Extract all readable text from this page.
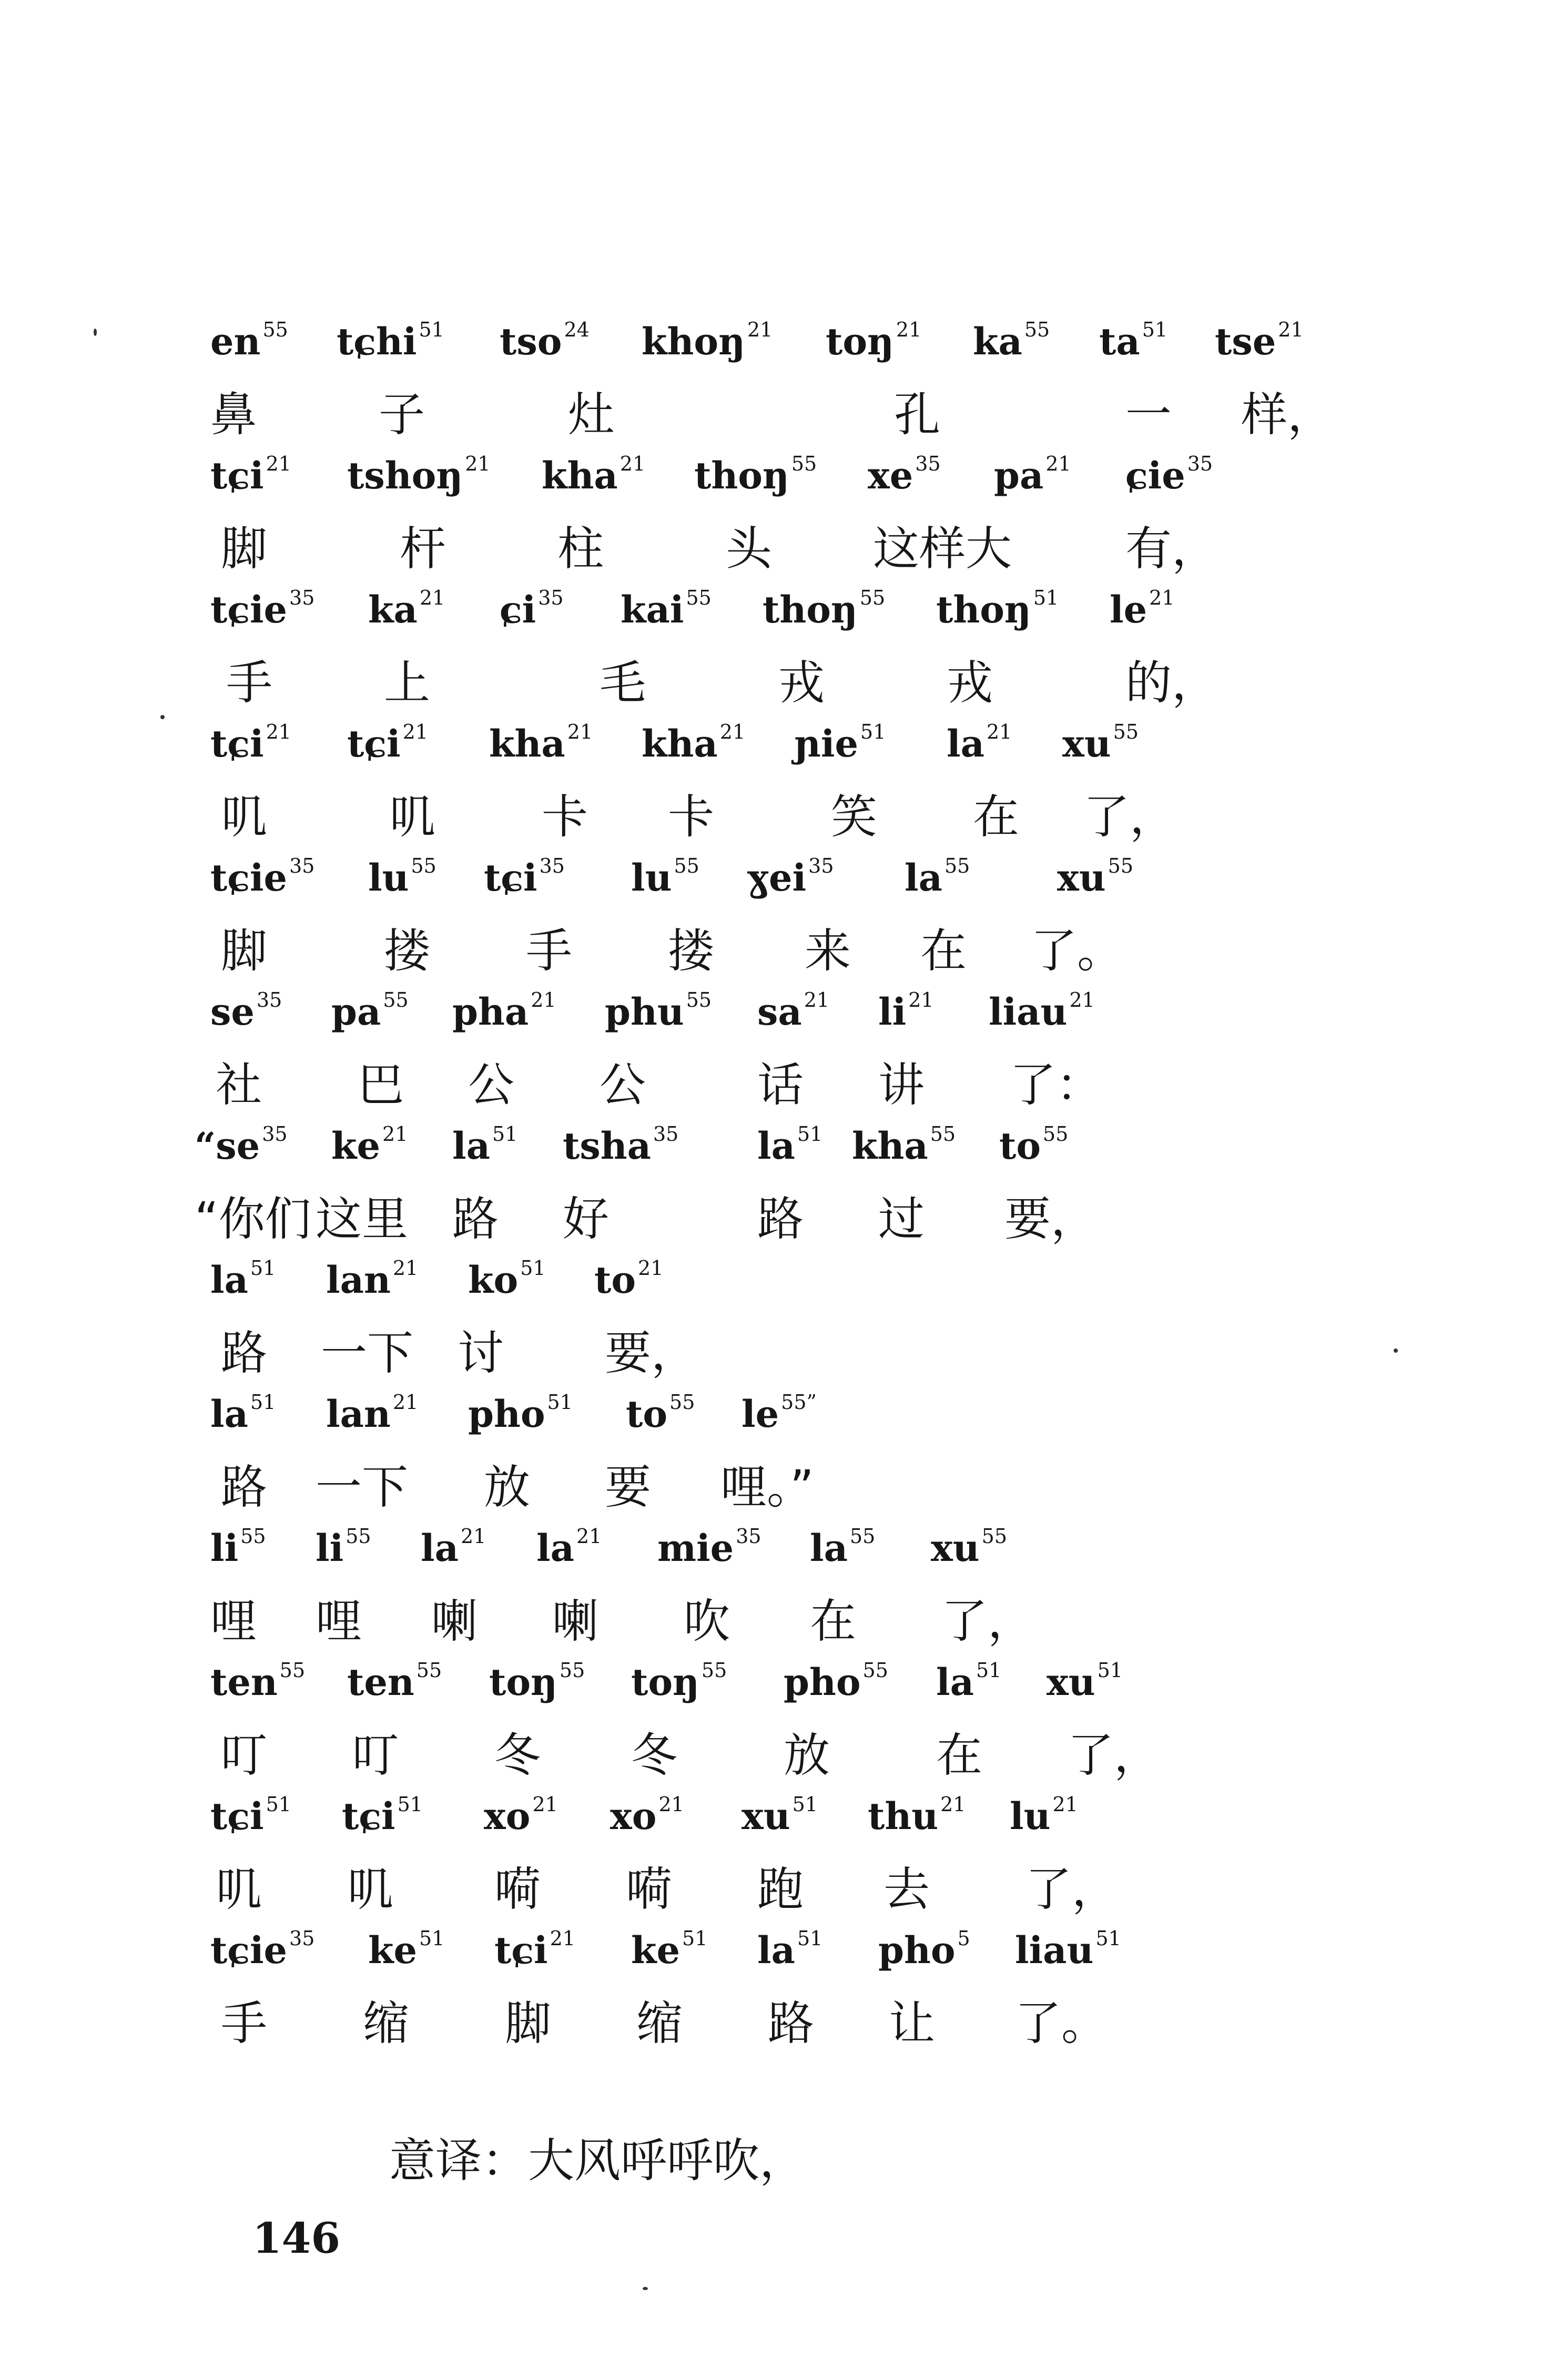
意译：大风呼呼吹，
146
en $^{55}$ tɕhi $^{51}$ tso $^{24}$ khoŋ $^{21}$ toŋ $^{21}$ ka $^{55}$ ta $^{51}$ tse $^{21}$
鼻	子	灶	孔	一 样，
tɕi $^{21}$ tshoŋ $^{21}$ kha $^{21}$ thoŋ $^{55}$ xe $^{35}$ pa $^{21}$ ɕie $^{35}$
脚	杆 柱	头 这样大 有，
tɕie $^{35}$ ka $^{21}$ ɕi $^{35}$ kai $^{55}$ thoŋ $^{55}$ thoŋ $^{51}$ le $^{21}$
手 上	毛	戎	戎	的，
tɕi $^{21}$ tɕi $^{21}$ kha $^{21}$ kha $^{21}$ ɲie $^{51}$ la $^{21}$ xu $^{55}$
叽	叽 卡 卡	笑 在 了，
tɕie $^{35}$ lu $^{55}$ tɕi $^{35}$ lu $^{55}$ ɣei $^{35}$ la $^{55}$ xu $^{55}$
脚	搂 手 搂 来 在 了。
se $^{35}$ pa $^{55}$ pha $^{21}$ phu $^{55}$ sa $^{21}$ li $^{21}$ liau $^{21}$
社 巴 公 公 话 讲 了：
“se $^{35}$ ke $^{21}$ la $^{51}$ tsha $^{35}$ la $^{51}$ kha $^{55}$ to $^{55}$
“你们 这里 路 好	路 过 要，
la $^{51}$ lan $^{21}$ ko $^{51}$ to $^{21}$
路 一下 讨 要，
la $^{51}$ lan $^{21}$ pho $^{51}$ to $^{55}$ le $^{55”}$
路 一下 放 要 哩。”
li $^{55}$ li $^{55}$ la $^{21}$ la $^{21}$ mie $^{35}$ la $^{55}$ xu $^{55}$
哩 哩 喇 喇 吹 在 了，
ten $^{55}$ ten $^{55}$ toŋ $^{55}$ toŋ $^{55}$ pho $^{55}$ la $^{51}$ xu $^{51}$
叮 叮 冬 冬 放 在 了，
tɕi $^{51}$ tɕi $^{51}$ xo $^{21}$ xo $^{21}$ xu $^{51}$ thu $^{21}$ lu $^{21}$
叽 叽 嗬 嗬 跑 去 了，
tɕie $^{35}$ ke $^{51}$ tɕi $^{21}$ ke $^{51}$ la $^{51}$ pho $^5$ liau $^{51}$
手 缩 脚 缩 路 让 了。
